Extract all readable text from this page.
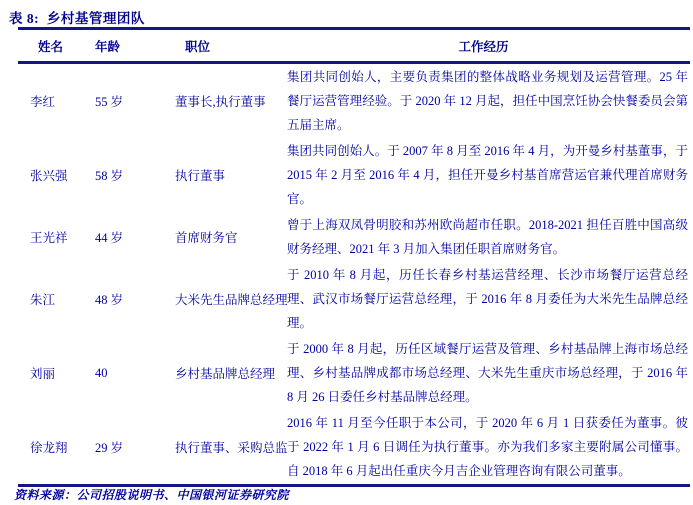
表 8:  乡村基管理团队
姓名	年龄	职位	工作经历
李红	55 岁	董事长,执行董事	集团共同创始人，主要负责集团的整体战略业务规划及运营管理。25 年餐厅运营管理经验。于 2020 年 12 月起，担任中国烹饪协会快餐委员会第五届主席。
张兴强	58 岁	执行董事	集团共同创始人。于 2007 年 8 月至 2016 年 4 月，为开曼乡村基董事，于 2015 年 2 月至 2016 年 4 月，担任开曼乡村基首席营运官兼代理首席财务官。
王光祥	44 岁	首席财务官	曾于上海双凤骨明胶和苏州欧尚超市任职。2018-2021 担任百胜中国高级财务经理、2021 年 3 月加入集团任职首席财务官。
朱江	48 岁	大米先生品牌总经理	于 2010 年 8 月起，历任长春乡村基运营经理、长沙市场餐厅运营总经理、武汉市场餐厅运营总经理，于 2016 年 8 月委任为大米先生品牌总经理。
刘丽	40	乡村基品牌总经理	于 2000 年 8 月起，历任区域餐厅运营及管理、乡村基品牌上海市场总经理、乡村基品牌成都市场总经理、大米先生重庆市场总经理，于 2016 年 8 月 26 日委任乡村基品牌总经理。
徐龙翔	29 岁	执行董事、采购总监	2016 年 11 月至今任职于本公司，于 2020 年 6 月 1 日获委任为董事。彼于 2022 年 1 月 6 日调任为执行董事。亦为我们多家主要附属公司懂事。自 2018 年 6 月起出任重庆今月吉企业管理咨询有限公司董事。
资料来源：公司招股说明书、中国银河证券研究院
